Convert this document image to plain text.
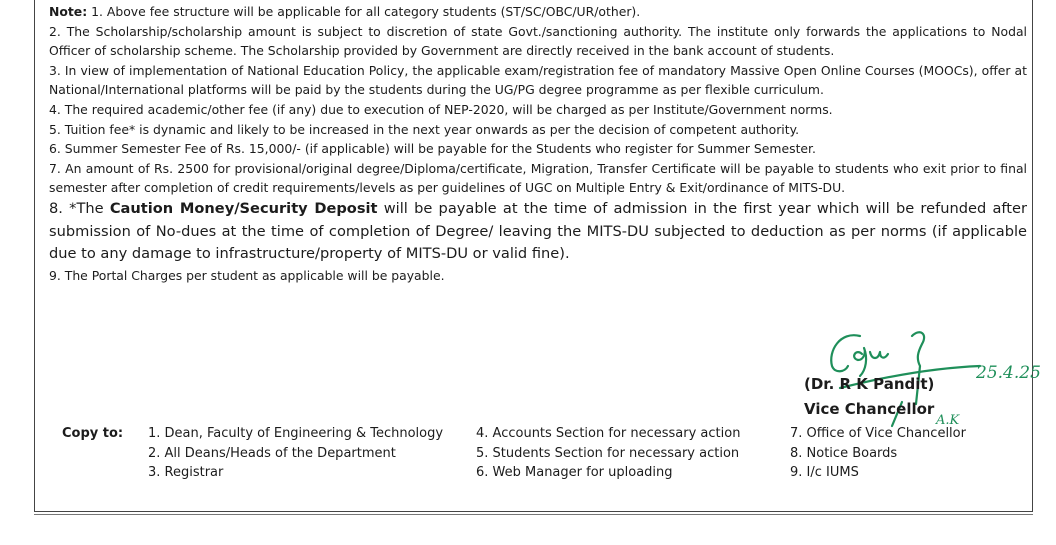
Note: 1. Above fee structure will be applicable for all category students (ST/SC/OBC/UR/other).

2. The Scholarship/scholarship amount is subject to discretion of state Govt./sanctioning authority. The institute only forwards the applications to Nodal Officer of scholarship scheme. The Scholarship provided by Government are directly received in the bank account of students.

3. In view of implementation of National Education Policy, the applicable exam/registration fee of mandatory Massive Open Online Courses (MOOCs), offer at National/International platforms will be paid by the students during the UG/PG degree programme as per flexible curriculum.

4. The required academic/other fee (if any) due to execution of NEP-2020, will be charged as per Institute/Government norms.

5. Tuition fee* is dynamic and likely to be increased in the next year onwards as per the decision of competent authority.

6. Summer Semester Fee of Rs. 15,000/- (if applicable) will be payable for the Students who register for Summer Semester.

7. An amount of Rs. 2500 for provisional/original degree/Diploma/certificate, Migration, Transfer Certificate will be payable to students who exit prior to final semester after completion of credit requirements/levels as per guidelines of UGC on Multiple Entry & Exit/ordinance of MITS-DU.

8. *The Caution Money/Security Deposit will be payable at the time of admission in the first year which will be refunded after submission of No-dues at the time of completion of Degree/ leaving the MITS-DU subjected to deduction as per norms (if applicable due to any damage to infrastructure/property of MITS-DU or valid fine).

9. The Portal Charges per student as applicable will be payable.

25.4.25
A.K
(Dr. R K Pandit)
Vice Chancellor
Copy to: 1. Dean, Faculty of Engineering & Technology
2. All Deans/Heads of the Department
3. Registrar
4. Accounts Section for necessary action
5. Students Section for necessary action
6. Web Manager for uploading
7. Office of Vice Chancellor
8. Notice Boards
9. I/c IUMS
